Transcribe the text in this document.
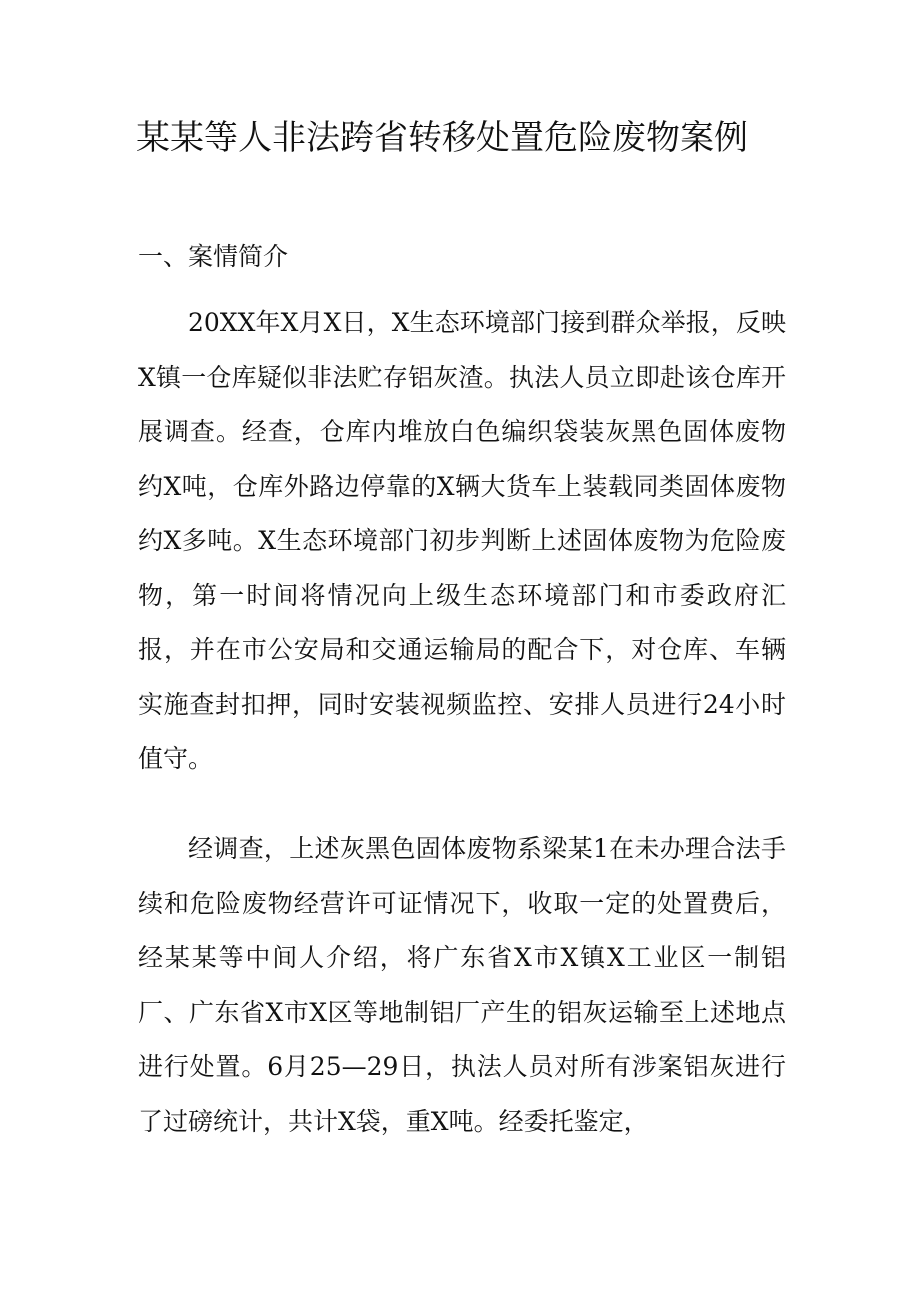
某某等人非法跨省转移处置危险废物案例
一、案情简介

20XX年X月X日，X生态环境部门接到群众举报，反映X镇一仓库疑似非法贮存铝灰渣。执法人员立即赴该仓库开展调查。经查，仓库内堆放白色编织袋装灰黑色固体废物约X吨，仓库外路边停靠的X辆大货车上装载同类固体废物约X多吨。X生态环境部门初步判断上述固体废物为危险废物，第一时间将情况向上级生态环境部门和市委政府汇报，并在市公安局和交通运输局的配合下，对仓库、车辆实施查封扣押，同时安装视频监控、安排人员进行24小时值守。

经调查，上述灰黑色固体废物系梁某1在未办理合法手续和危险废物经营许可证情况下，收取一定的处置费后，经某某等中间人介绍，将广东省X市X镇X工业区一制铝厂、广东省X市X区等地制铝厂产生的铝灰运输至上述地点进行处置。6月25—29日，执法人员对所有涉案铝灰进行了过磅统计，共计X袋，重X吨。经委托鉴定，
